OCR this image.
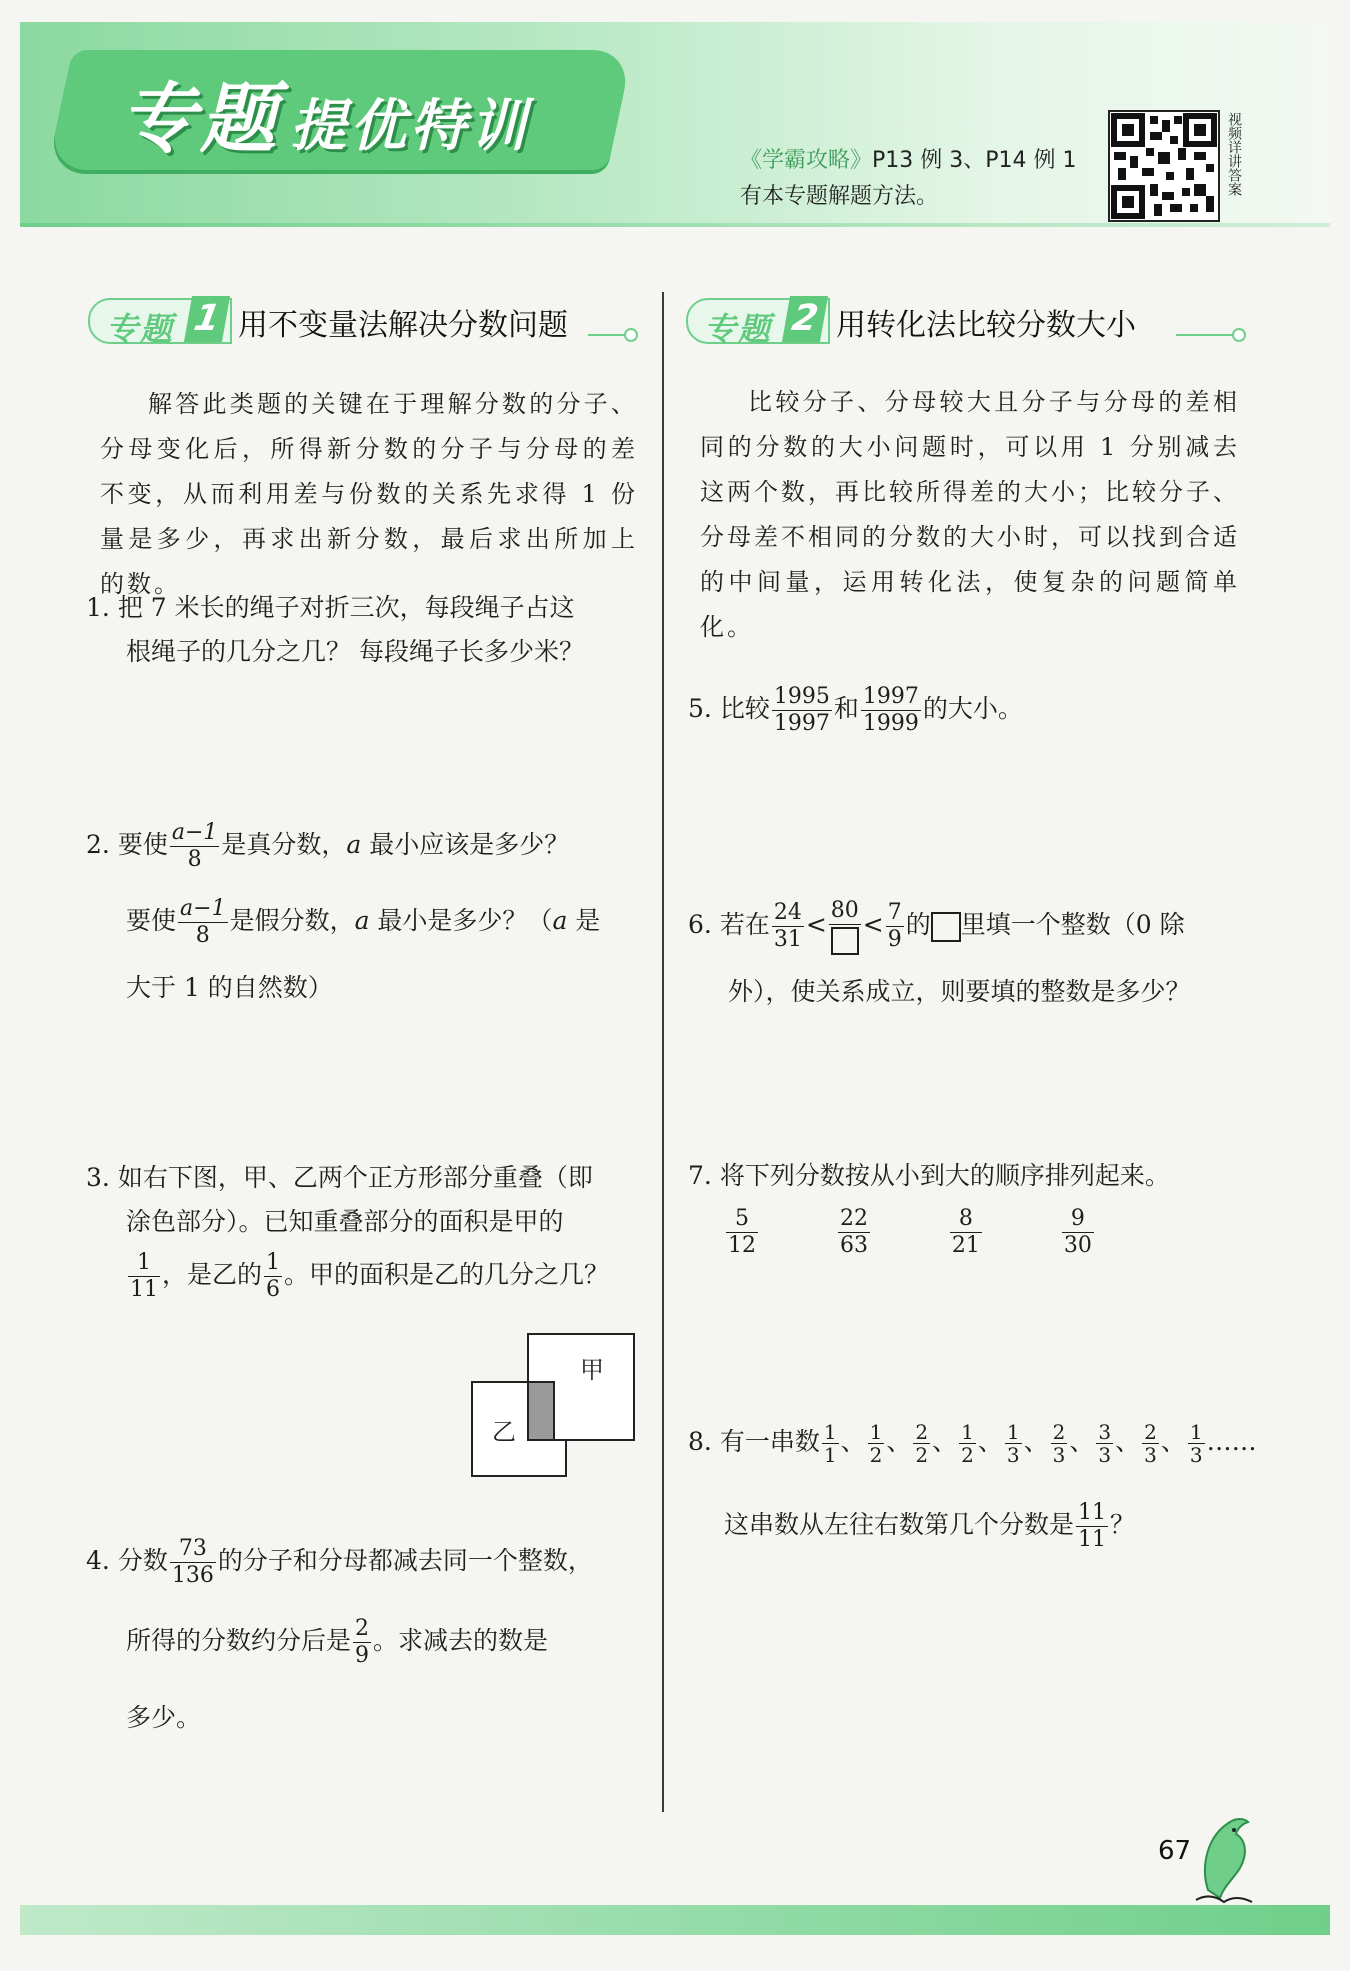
专题 提优特训
《学霸攻略》P13 例 3、P14 例 1
有本专题解题方法。
视频详讲答案
专题 1 用不变量法解决分数问题	专题 2 用转化法比较分数大小
解答此类题的关键在于理解分数的分子、分母变化后，所得新分数的分子与分母的差不变，从而利用差与份数的关系先求得 1 份量是多少，再求出新分数，最后求出所加上的数。
比较分子、分母较大且分子与分母的差相同的分数的大小问题时，可以用 1 分别减去这两个数，再比较所得差的大小；比较分子、分母差不相同的分数的大小时，可以找到合适的中间量，运用转化法，使复杂的问题简单化。
1. 把 7 米长的绳子对折三次，每段绳子占这
根绳子的几分之几？ 每段绳子长多少米？
2. 要使 $\frac{a-1}{8}$ 是真分数，a 最小应该是多少？
要使 $\frac{a-1}{8}$ 是假分数，a 最小是多少？（a 是
大于 1 的自然数）
3. 如右下图，甲、乙两个正方形部分重叠（即
涂色部分）。已知重叠部分的面积是甲的
$\frac{1}{11}$ ，是乙的 $\frac{1}{6}$ 。甲的面积是乙的几分之几？
甲
乙
4. 分数 $\frac{73}{136}$ 的分子和分母都减去同一个整数，
所得的分数约分后是 $\frac{2}{9}$ 。求减去的数是
多少。
5. 比较 $\frac{1995}{1997}$ 和 $\frac{1997}{1999}$ 的大小。
6. 若在 $\frac{24}{31} < 80 < \frac{7}{9}$ 的 里填一个整数（0 除
外），使关系成立，则要填的整数是多少？
7. 将下列分数按从小到大的顺序排列起来。
$\frac{5}{12}$
	$\frac{22}{63}$
	$\frac{8}{21}$
	$\frac{9}{30}$
8. 有一串数 $\frac{1}{1}$ 、 $\frac{1}{2}$ 、 $\frac{2}{2}$ 、 $\frac{1}{2}$ 、 $\frac{1}{3}$ 、 $\frac{2}{3}$ 、 $\frac{3}{3}$ 、 $\frac{2}{3}$ 、 $\frac{1}{3}$ ……
这串数从左往右数第几个分数是 $\frac{11}{11}$ ？
67
